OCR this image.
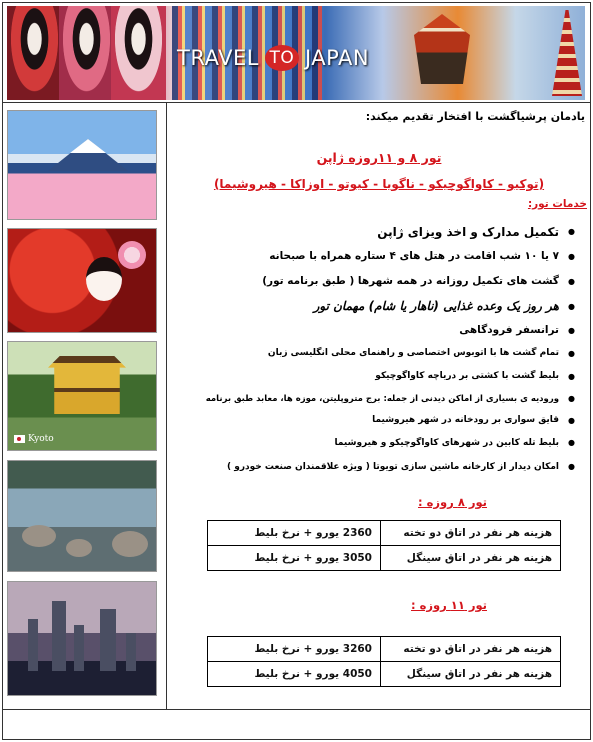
TRAVEL TO JAPAN
Kyoto
یادمان پرشیاگشت با افتخار تقدیم میکند:
تور ۸ و ۱۱روزه ژاپن
(توکیو - کاواگوچیکو - ناگویا - کیوتو - اوزاکا - هیروشیما)
خدمات تور:
● تکمیل مدارک و اخذ ویزای ژاپن
● ۷ یا ۱۰ شب اقامت در هتل های ۴ ستاره همراه با صبحانه
● گشت های تکمیل روزانه در همه شهرها ( طبق برنامه تور)
● هر روز یک وعده غذایی (ناهار یا شام) مهمان تور
● ترانسفر فرودگاهی
● تمام گشت ها با اتوبوس اختصاصی و راهنمای محلی انگلیسی زبان
● بلیط گشت با کشتی بر دریاچه کاواگوچیکو
● ورودیه ی بسیاری از اماکن دیدنی از جمله: برج متروپلیتن، موزه ها، معابد طبق برنامه
● قایق سواری بر رودخانه در شهر هیروشیما
● بلیط تله کابین در شهرهای کاواگوچیکو و هیروشیما
● امکان دیدار از کارخانه ماشین سازی تویوتا ( ویژه علاقمندان صنعت خودرو )
تور ۸ روزه :
هزینه هر نفر در اتاق دو تخته	2360 یورو + نرخ بلیط
هزینه هر نفر در اتاق سینگل	3050 یورو + نرخ بلیط
تور ۱۱ روزه :
هزینه هر نفر در اتاق دو تخته	3260 یورو + نرخ بلیط
هزینه هر نفر در اتاق سینگل	4050 یورو + نرخ بلیط
